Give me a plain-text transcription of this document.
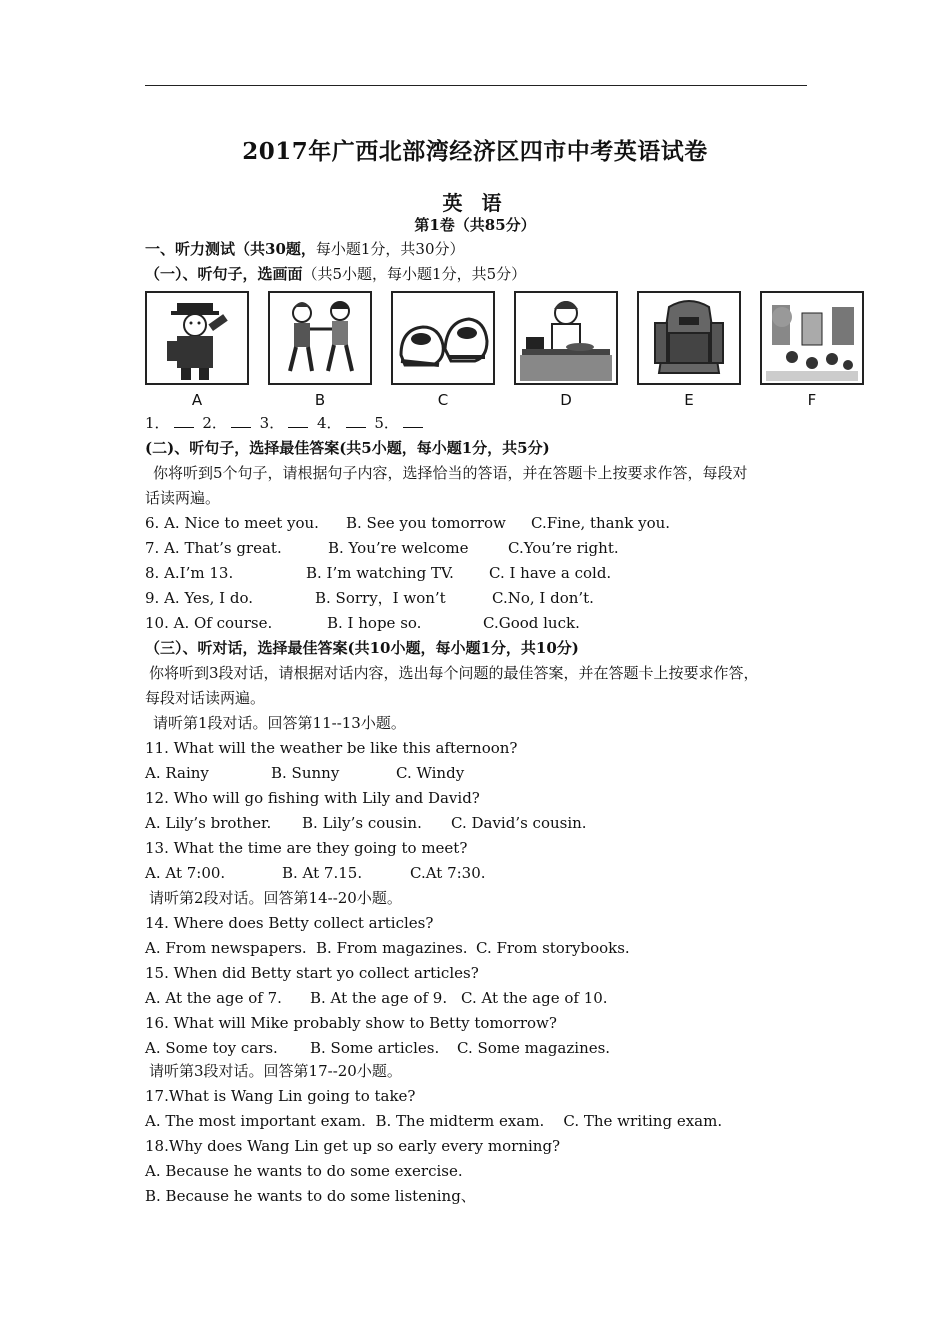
2017年广西北部湾经济区四市中考英语试卷
英 语
第1卷（共85分）
一、听力测试（共30题，每小题1分，共30分）
（一）、听句子，选画面（共5小题，每小题1分，共5分）
A	B	C	D	E	F
1． 2． 3． 4． 5．
(二)、听句子，选择最佳答案(共5小题，每小题1分，共5分)
你将听到5个句子，请根据句子内容，选择恰当的答语，并在答题卡上按要求作答，每段对
话读两遍。
6. A. Nice to meet you. B. See you tomorrow C.Fine, thank you.
7. A. That’s great.	B. You’re welcome	C.You’re right.
8. A.I’m 13.	B. I’m watching TV. C. I have a cold.
9. A. Yes, I do.	B. Sorry，I won’t	C.No, I don’t.
10. A. Of course.	B. I hope so.	C.Good luck.
（三）、听对话，选择最佳答案(共10小题，每小题1分，共10分)
你将听到3段对话，请根据对话内容，选出每个问题的最佳答案，并在答题卡上按要求作答，
每段对话读两遍。
请听第1段对话。回答第11--13小题。
11. What will the weather be like this afternoon?
A. Rainy	B. Sunny	C. Windy
12. Who will go fishing with Lily and David?
A. Lily’s brother. B. Lily’s cousin. C. David’s cousin.
13. What the time are they going to meet?
A. At 7:00.	B. At 7.15.	C.At 7:30.
请听第2段对话。回答第14--20小题。
14. Where does Betty collect articles?
A. From newspapers. B. From magazines. C. From storybooks.
15. When did Betty start yo collect articles?
A. At the age of 7. B. At the age of 9. C. At the age of 10.
16. What will Mike probably show to Betty tomorrow?
A. Some toy cars. B. Some articles. C. Some magazines.
请听第3段对话。回答第17--20小题。
17.What is Wang Lin going to take?
A. The most important exam.  B. The midterm exam.    C. The writing exam.
18.Why does Wang Lin get up so early every morning?
A. Because he wants to do some exercise.
B. Because he wants to do some listening、
